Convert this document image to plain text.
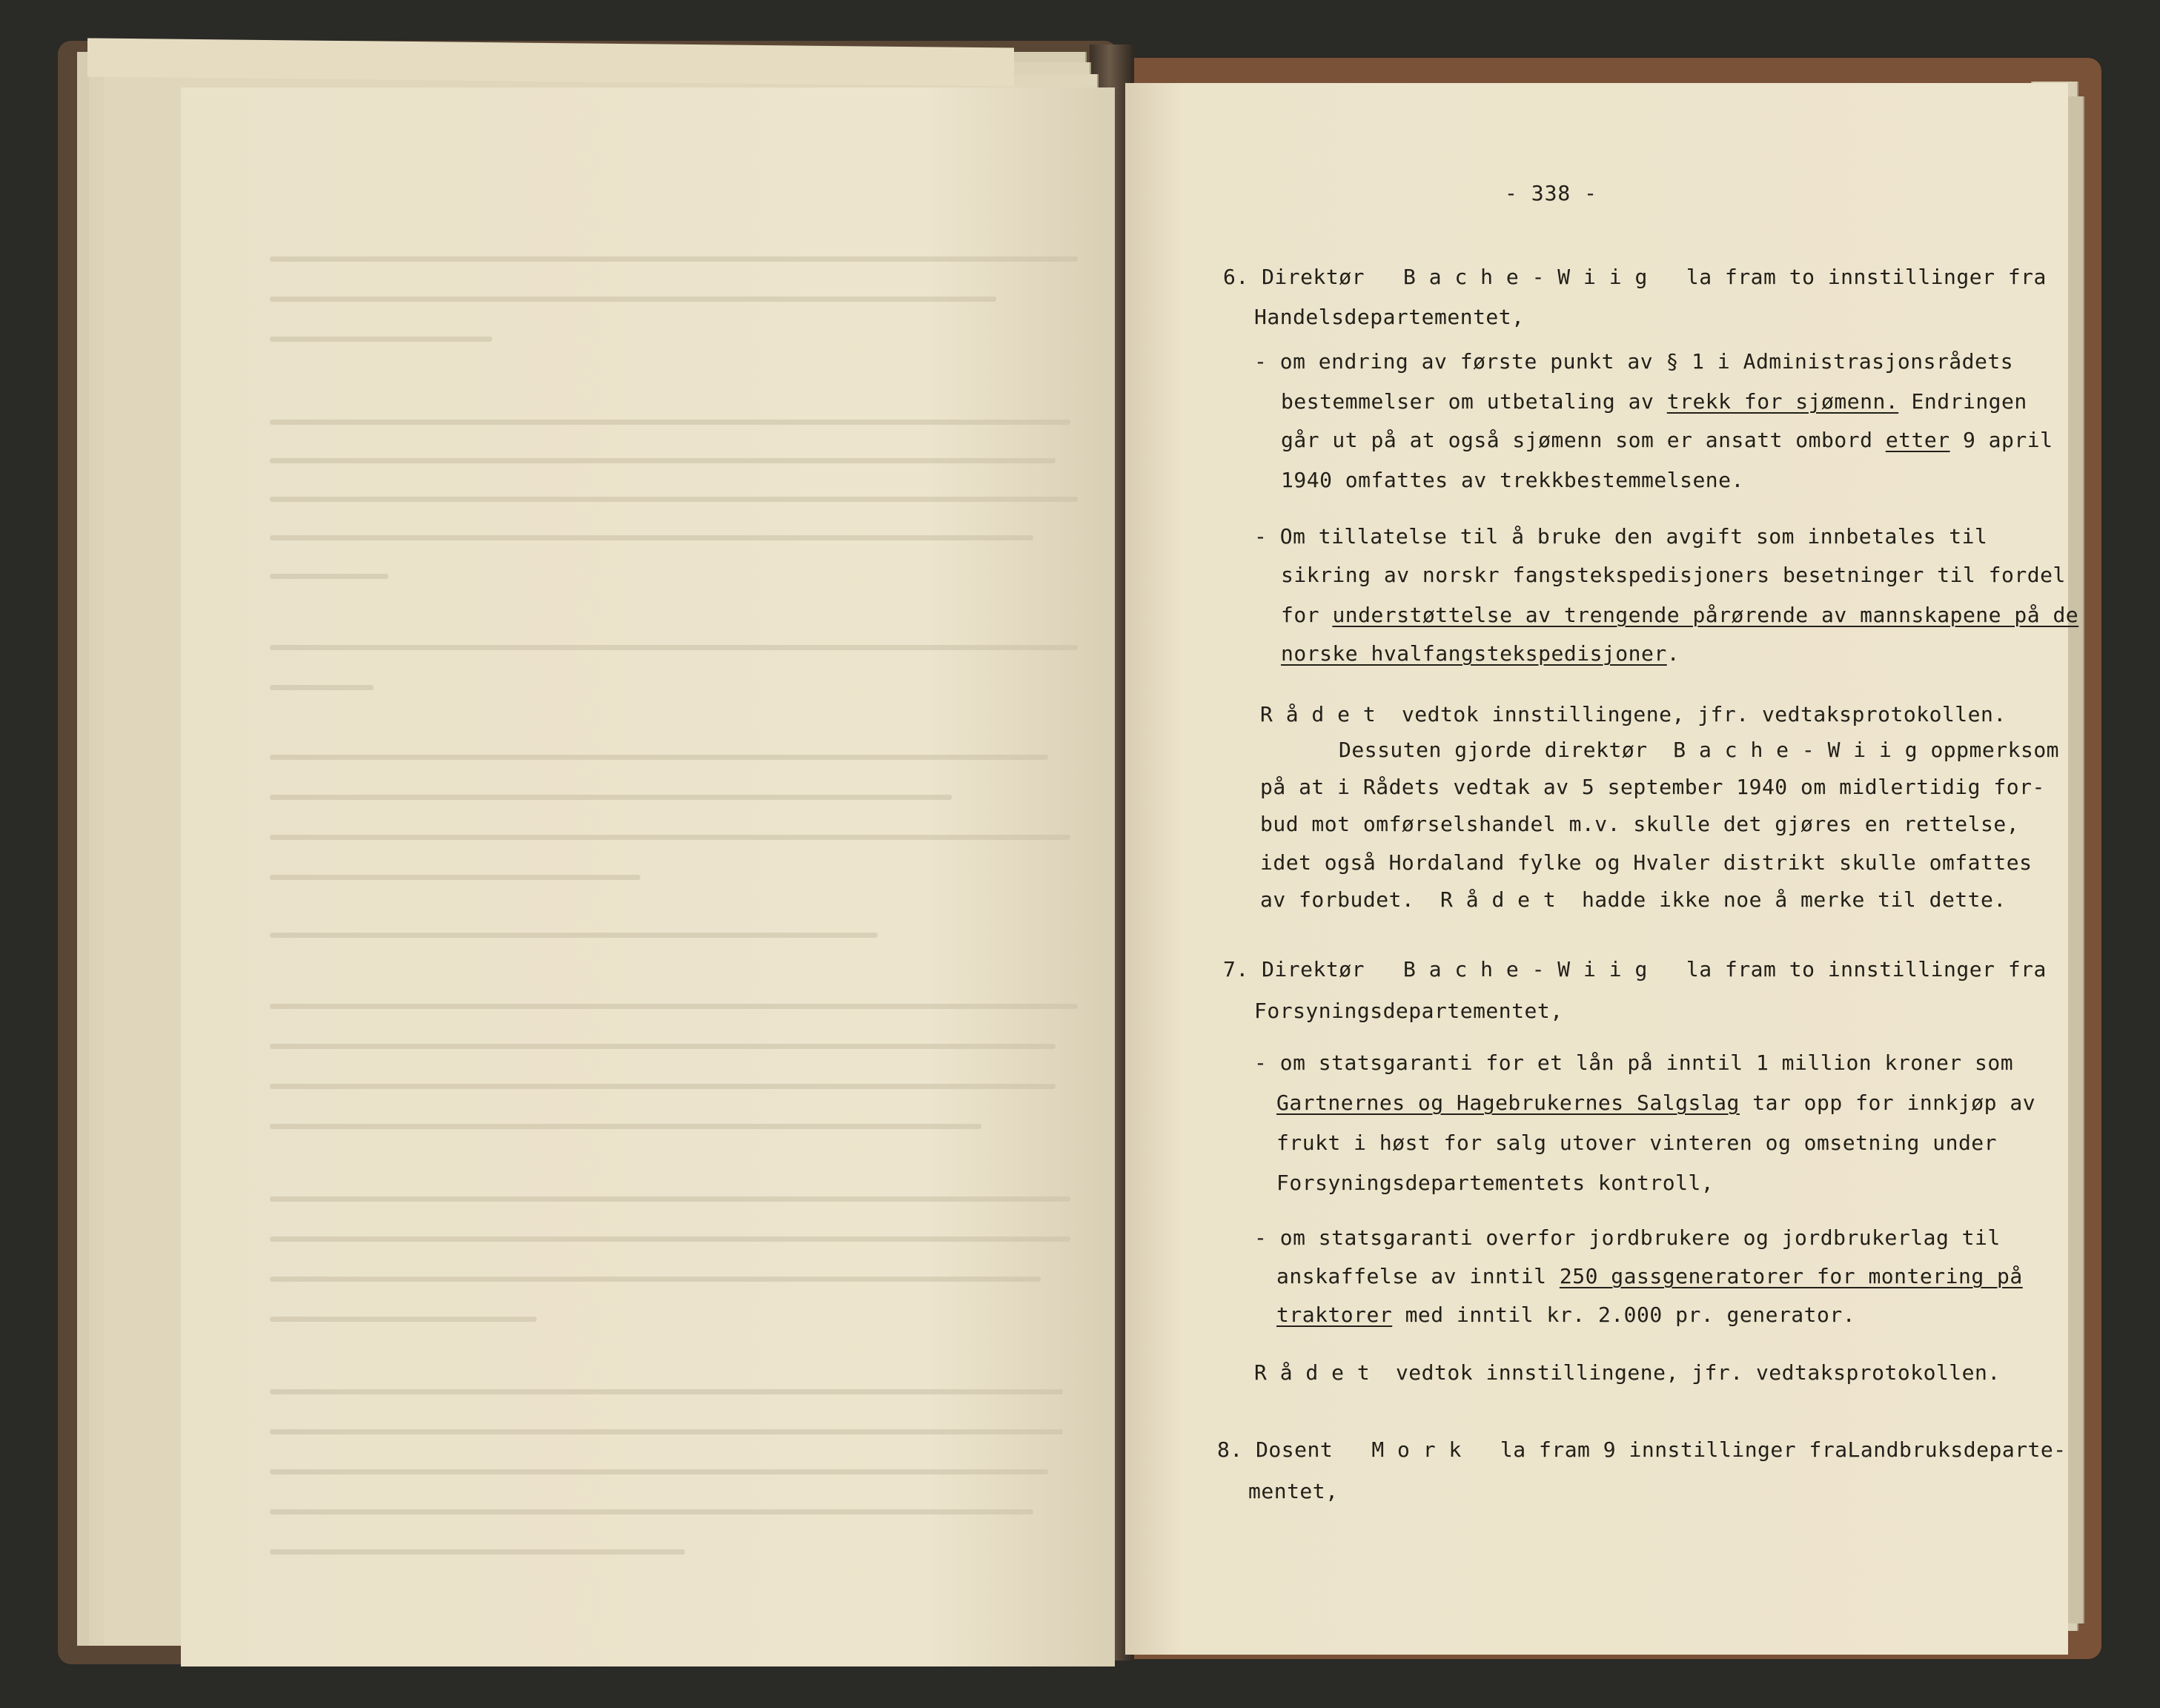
- 338 -
6. Direktør B a c h e - W i i g la fram to innstillinger fra
Handelsdepartementet,
- om endring av første punkt av § 1 i Administrasjonsrådets
bestemmelser om utbetaling av trekk for sjømenn. Endringen
går ut på at også sjømenn som er ansatt ombord etter 9 april
1940 omfattes av trekkbestemmelsene.
- Om tillatelse til å bruke den avgift som innbetales til
sikring av norskr fangstekspedisjoners besetninger til fordel
for understøttelse av trengende pårørende av mannskapene på de
norske hvalfangstekspedisjoner.
R å d e t vedtok innstillingene, jfr. vedtaksprotokollen.
Dessuten gjorde direktør B a c h e - W i i g oppmerksom
på at i Rådets vedtak av 5 september 1940 om midlertidig for-
bud mot omførselshandel m.v. skulle det gjøres en rettelse,
idet også Hordaland fylke og Hvaler distrikt skulle omfattes
av forbudet. R å d e t hadde ikke noe å merke til dette.
7. Direktør B a c h e - W i i g la fram to innstillinger fra
Forsyningsdepartementet,
- om statsgaranti for et lån på inntil 1 million kroner som
Gartnernes og Hagebrukernes Salgslag tar opp for innkjøp av
frukt i høst for salg utover vinteren og omsetning under
Forsyningsdepartementets kontroll,
- om statsgaranti overfor jordbrukere og jordbrukerlag til
anskaffelse av inntil 250 gassgeneratorer for montering på
traktorer med inntil kr. 2.000 pr. generator.
R å d e t vedtok innstillingene, jfr. vedtaksprotokollen.
8. Dosent M o r k la fram 9 innstillinger fraLandbruksdeparte-
mentet,
